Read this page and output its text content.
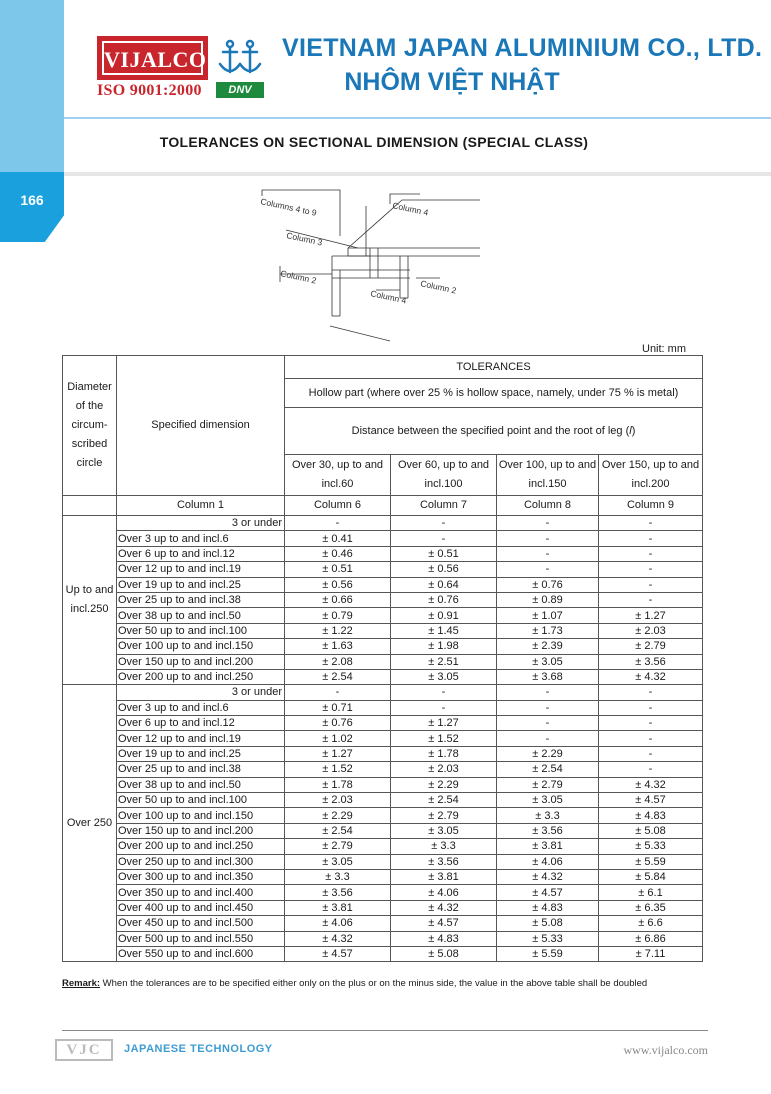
166
VIJALCO
ISO 9001:2000	DNV
VIETNAM JAPAN ALUMINIUM CO., LTD.
NHÔM VIỆT NHẬT
TOLERANCES ON SECTIONAL DIMENSION (SPECIAL CLASS)
Columns 4 to 9	Column 4
Column 3
Column 2
Column 2
Column 4
Unit: mm
Diameter of the circum- scribed circle	Specified dimension	TOLERANCES			
		Hollow part (where over 25 % is hollow space, namely, under 75 % is metal)			
		Distance between the specified point and the root of leg (l)			
		Over 30, up to and incl.60	Over 60, up to and incl.100	Over 100, up to and incl.150	Over 150, up to and incl.200
	Column 1	Column 6	Column 7	Column 8	Column 9
Up to and incl.250	3 or under	-	-	-	-
	Over 3 up to and incl.6	± 0.41	-	-	-
	Over 6 up to and incl.12	± 0.46	± 0.51	-	-
	Over 12 up to and incl.19	± 0.51	± 0.56	-	-
	Over 19 up to and incl.25	± 0.56	± 0.64	± 0.76	-
	Over 25 up to and incl.38	± 0.66	± 0.76	± 0.89	-
	Over 38 up to and incl.50	± 0.79	± 0.91	± 1.07	± 1.27
	Over 50 up to and incl.100	± 1.22	± 1.45	± 1.73	± 2.03
	Over 100 up to and incl.150	± 1.63	± 1.98	± 2.39	± 2.79
	Over 150 up to and incl.200	± 2.08	± 2.51	± 3.05	± 3.56
	Over 200 up to and incl.250	± 2.54	± 3.05	± 3.68	± 4.32
Over 250	3 or under	-	-	-	-
	Over 3 up to and incl.6	± 0.71	-	-	-
	Over 6 up to and incl.12	± 0.76	± 1.27	-	-
	Over 12 up to and incl.19	± 1.02	± 1.52	-	-
	Over 19 up to and incl.25	± 1.27	± 1.78	± 2.29	-
	Over 25 up to and incl.38	± 1.52	± 2.03	± 2.54	-
	Over 38 up to and incl.50	± 1.78	± 2.29	± 2.79	± 4.32
	Over 50 up to and incl.100	± 2.03	± 2.54	± 3.05	± 4.57
	Over 100 up to and incl.150	± 2.29	± 2.79	± 3.3	± 4.83
	Over 150 up to and incl.200	± 2.54	± 3.05	± 3.56	± 5.08
	Over 200 up to and incl.250	± 2.79	± 3.3	± 3.81	± 5.33
	Over 250 up to and incl.300	± 3.05	± 3.56	± 4.06	± 5.59
	Over 300 up to and incl.350	± 3.3	± 3.81	± 4.32	± 5.84
	Over 350 up to and incl.400	± 3.56	± 4.06	± 4.57	± 6.1
	Over 400 up to and incl.450	± 3.81	± 4.32	± 4.83	± 6.35
	Over 450 up to and incl.500	± 4.06	± 4.57	± 5.08	± 6.6
	Over 500 up to and incl.550	± 4.32	± 4.83	± 5.33	± 6.86
	Over 550 up to and incl.600	± 4.57	± 5.08	± 5.59	± 7.11
Remark: When the tolerances are to be specified either only on the plus or on the minus side, the value in the above table shall be doubled
VJC	JAPANESE TECHNOLOGY	www.vijalco.com
